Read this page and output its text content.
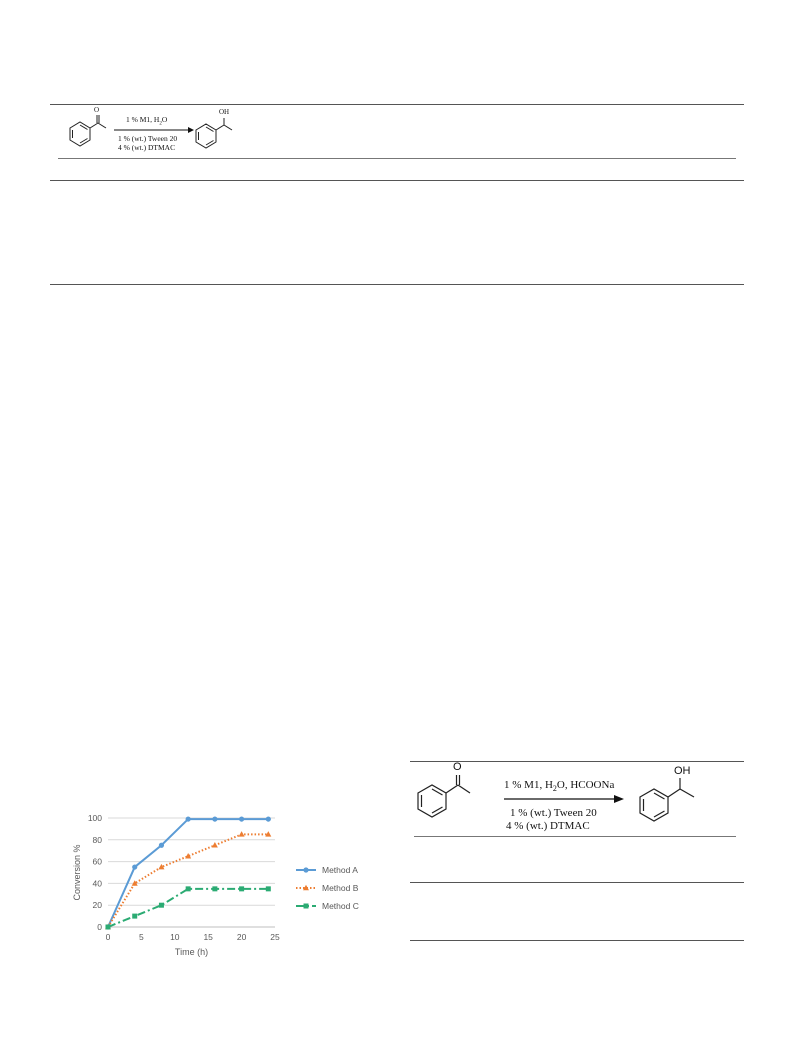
O
1 % M1, $H_2O$
1 % (wt.) Tween 20
4 % (wt.) DTMAC
OH
0
20
40
60
80
100
0	5	10	15	20	25
Time (h)
Conversion %	Method A
Method B
Method C
O
1 % M1, $H_2O$, HCOONa
1 % (wt.) Tween 20
4 % (wt.) DTMAC
OH
